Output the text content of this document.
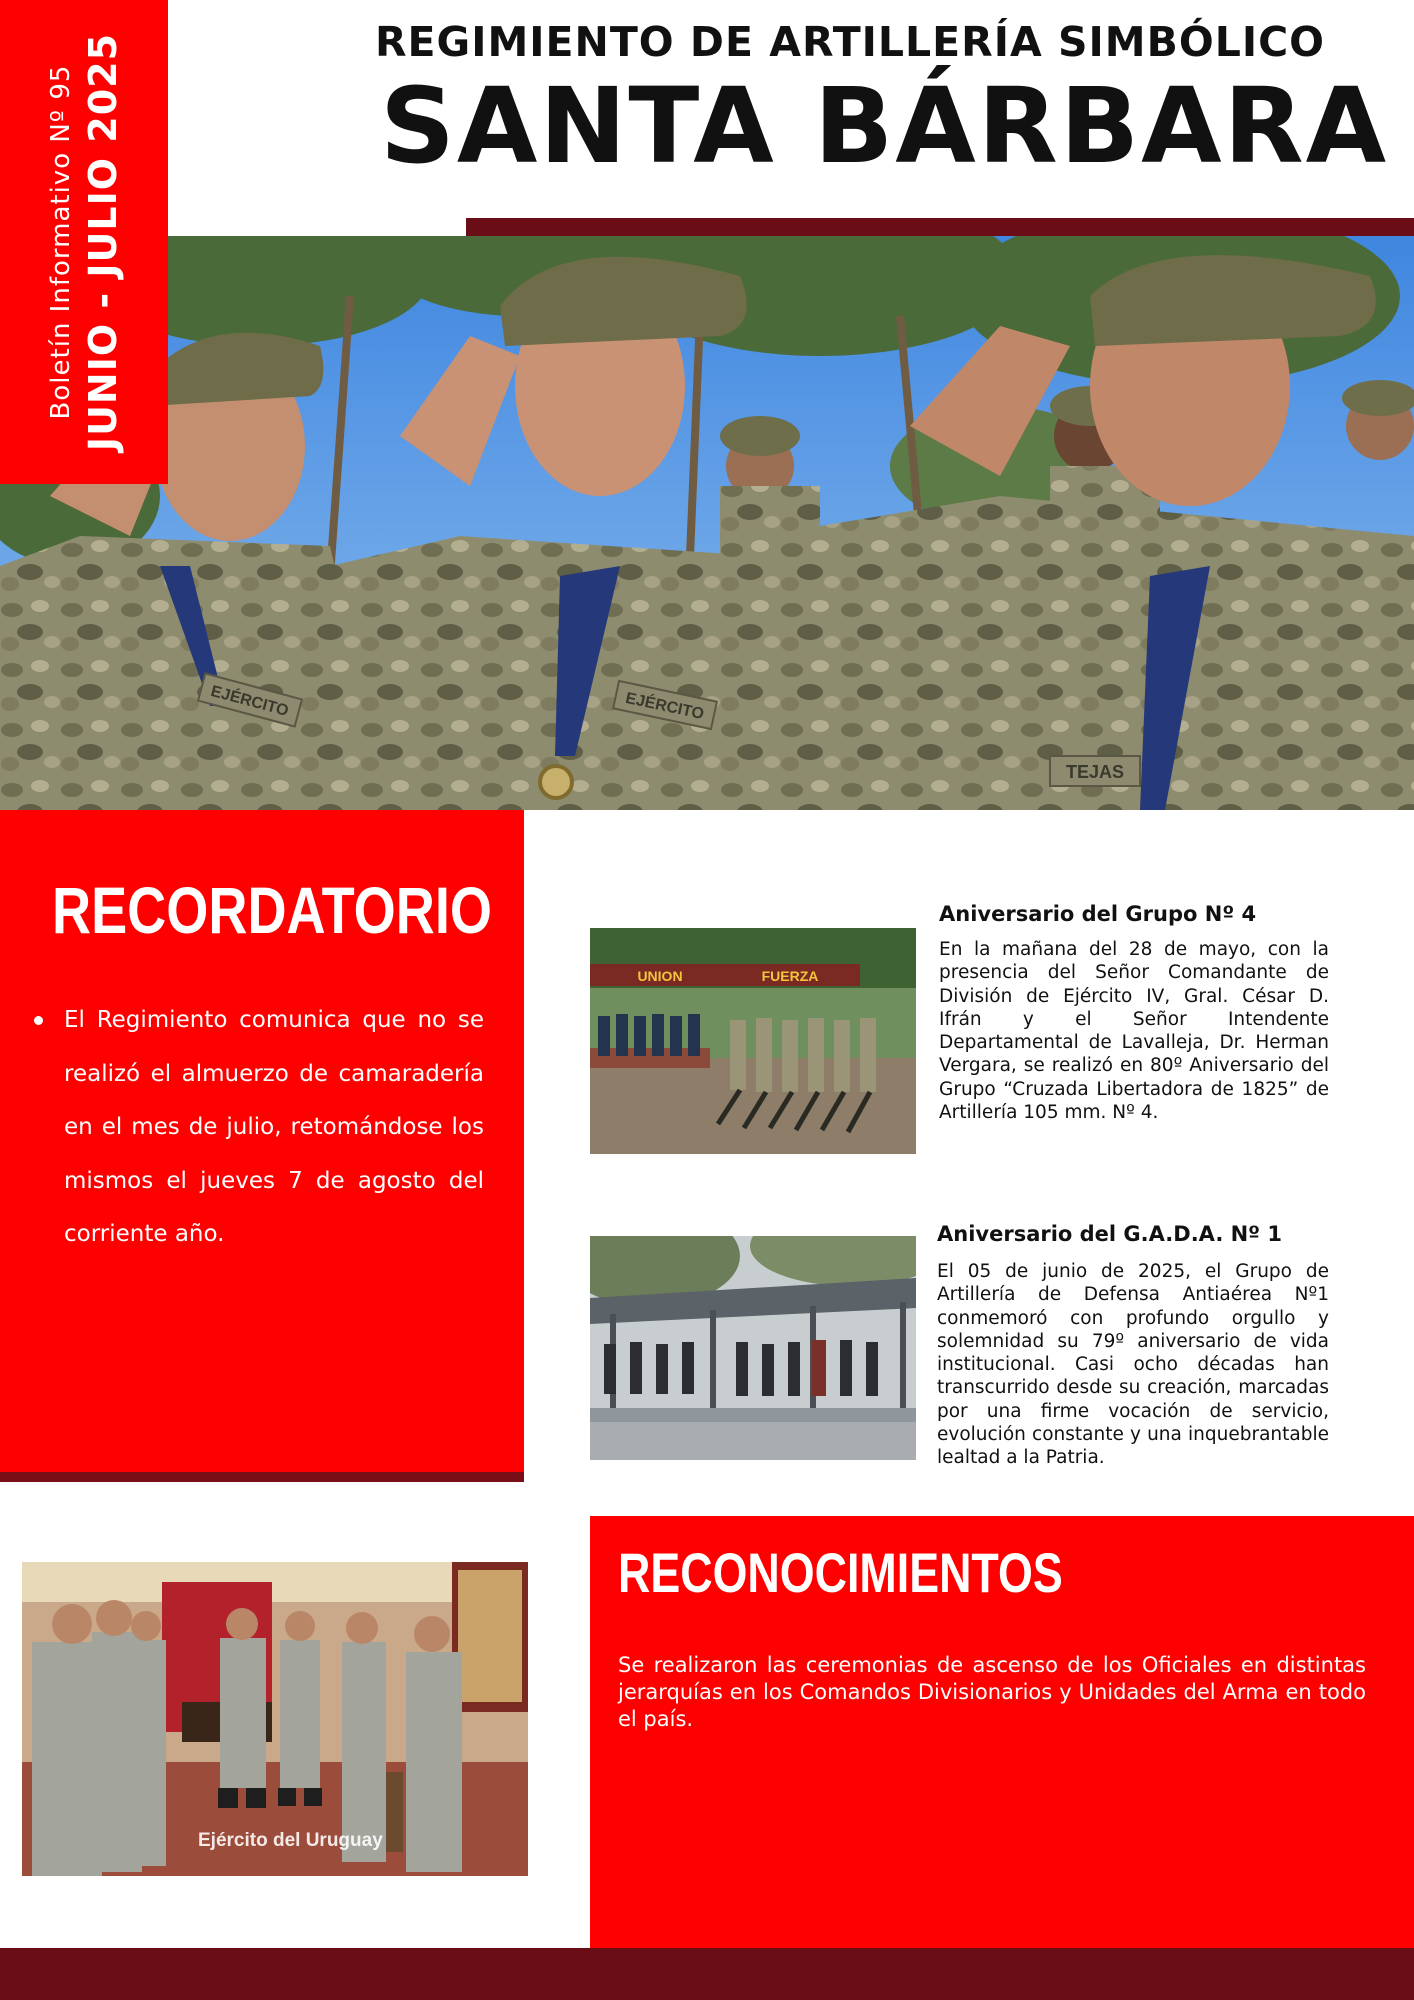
Boletín Informativo Nº 95 JUNIO - JULIO 2025	REGIMIENTO DE ARTILLERÍA SIMBÓLICO
SANTA BÁRBARA
EJÉRCITO	EJÉRCITO
TEJAS
RECORDATORIO

El Regimiento comunica que no se realizó el almuerzo de camaradería en el mes de julio, retomándose los mismos el jueves 7 de agosto del corriente año.

UNION	FUERZA
Aniversario del Grupo Nº 4

En la mañana del 28 de mayo, con la presencia del Señor Comandante de División de Ejército IV, Gral. César D. Ifrán y el Señor Intendente Departamental de Lavalleja, Dr. Herman Vergara, se realizó en 80º Aniversario del Grupo “Cruzada Libertadora de 1825” de Artillería 105 mm. Nº 4.

Aniversario del G.A.D.A. Nº 1

El 05 de junio de 2025, el Grupo de Artillería de Defensa Antiaérea Nº1 conmemoró con profundo orgullo y solemnidad su 79º aniversario de vida institucional. Casi ocho décadas han transcurrido desde su creación, marcadas por una firme vocación de servicio, evolución constante y una inquebrantable lealtad a la Patria.

Ejército del Uruguay
RECONOCIMIENTOS

Se realizaron las ceremonias de ascenso de los Oficiales en distintas jerarquías en los Comandos Divisionarios y Unidades del Arma en todo el país.
